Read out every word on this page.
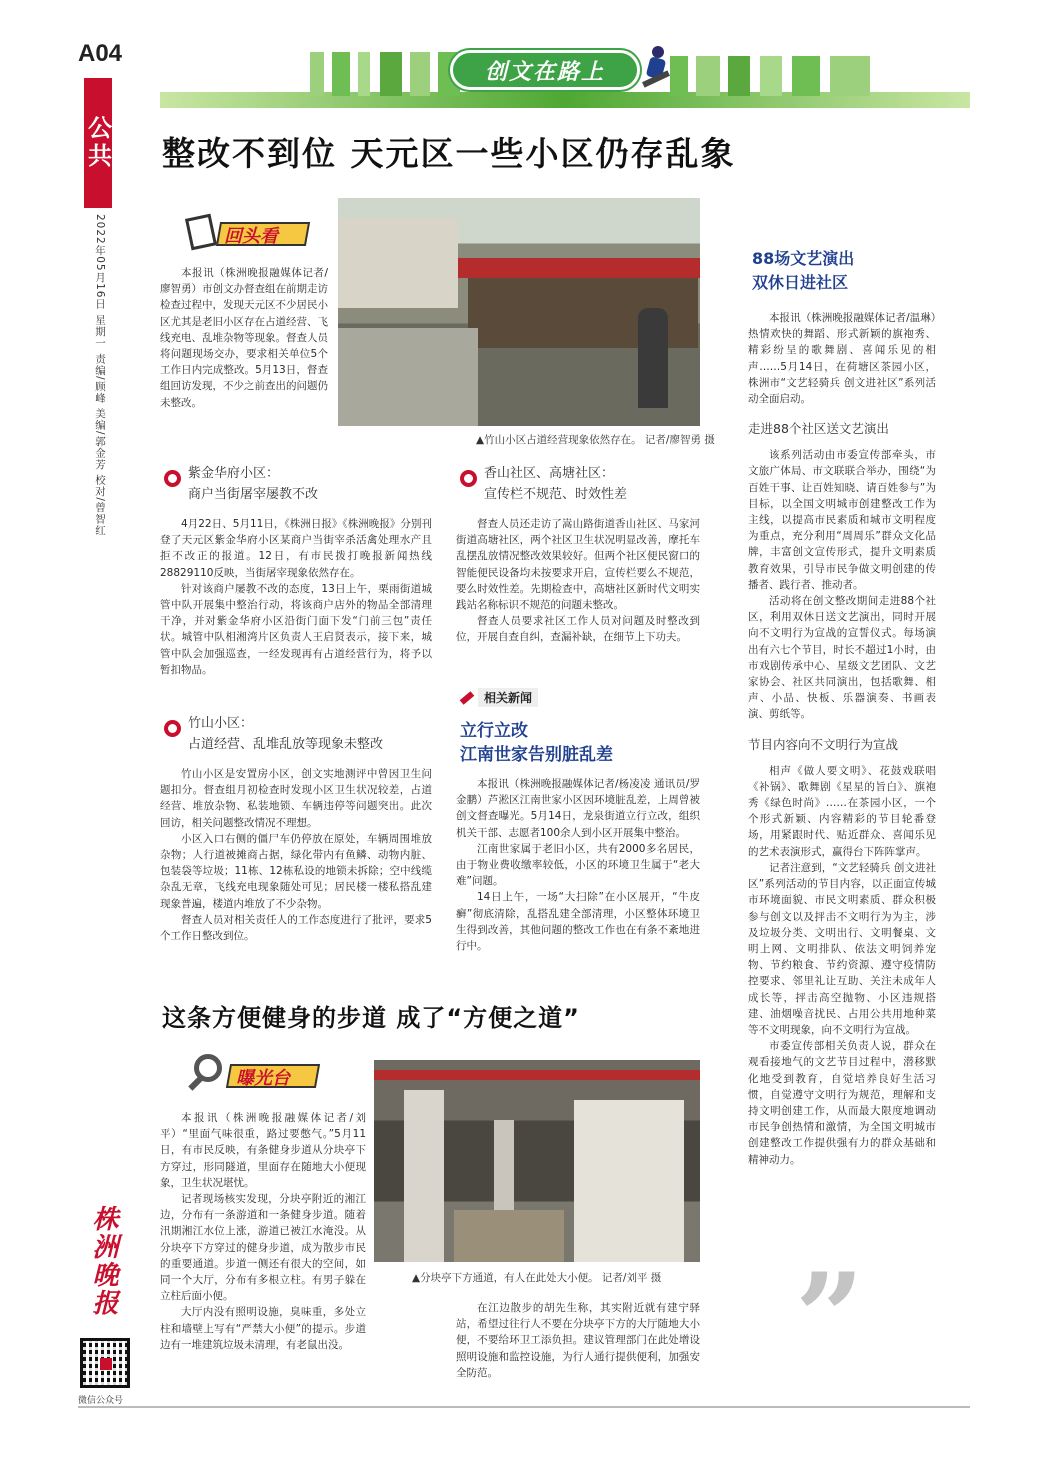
A04
公共
2022年05月16日 星期一 责编/顾峰 美编/郭金芳 校对/曾智红
株洲晚报
微信公众号
创文在路上
整改不到位 天元区一些小区仍存乱象
回头看
本报讯（株洲晚报融媒体记者/廖智勇）市创文办督查组在前期走访检查过程中，发现天元区不少居民小区尤其是老旧小区存在占道经营、飞线充电、乱堆杂物等现象。督查人员将问题现场交办，要求相关单位5个工作日内完成整改。5月13日，督查组回访发现，不少之前查出的问题仍未整改。
▲竹山小区占道经营现象依然存在。 记者/廖智勇 摄
紫金华府小区：
商户当街屠宰屡教不改
4月22日、5月11日，《株洲日报》《株洲晚报》分别刊登了天元区紫金华府小区某商户当街宰杀活禽处理水产且拒不改正的报道。12日，有市民拨打晚报新闻热线28829110反映，当街屠宰现象依然存在。
针对该商户屡教不改的态度，13日上午，栗雨街道城管中队开展集中整治行动，将该商户店外的物品全部清理干净，并对紫金华府小区沿街门面下发“门前三包”责任状。城管中队相湘湾片区负责人王启贤表示，接下来，城管中队会加强巡查，一经发现再有占道经营行为，将予以暂扣物品。
竹山小区：
占道经营、乱堆乱放等现象未整改
竹山小区是安置房小区，创文实地测评中曾因卫生问题扣分。督查组月初检查时发现小区卫生状况较差，占道经营、堆放杂物、私装地锁、车辆违停等问题突出。此次回访，相关问题整改情况不理想。
小区入口右侧的僵尸车仍停放在原处，车辆周围堆放杂物；人行道被摊商占据，绿化带内有鱼鳞、动物内脏、包装袋等垃圾；11栋、12栋私设的地锁未拆除；空中线缆杂乱无章，飞线充电现象随处可见；居民楼一楼私搭乱建现象普遍，楼道内堆放了不少杂物。
督查人员对相关责任人的工作态度进行了批评，要求5个工作日整改到位。
香山社区、高塘社区：
宣传栏不规范、时效性差
督查人员还走访了嵩山路街道香山社区、马家河街道高塘社区，两个社区卫生状况明显改善，摩托车乱摆乱放情况整改效果较好。但两个社区便民窗口的智能便民设备均未按要求开启，宣传栏要么不规范，要么时效性差。先期检查中，高塘社区新时代文明实践站名称标识不规范的问题未整改。
督查人员要求社区工作人员对问题及时整改到位，开展自查自纠，查漏补缺，在细节上下功夫。
相关新闻
立行立改
江南世家告别脏乱差
本报讯（株洲晚报融媒体记者/杨凌凌 通讯员/罗金鹏）芦淞区江南世家小区因环境脏乱差，上周曾被创文督查曝光。5月14日，龙泉街道立行立改，组织机关干部、志愿者100余人到小区开展集中整治。
江南世家属于老旧小区，共有2000多名居民，由于物业费收缴率较低，小区的环境卫生属于“老大难”问题。
14日上午，一场“大扫除”在小区展开，“牛皮癣”彻底清除，乱搭乱建全部清理，小区整体环境卫生得到改善，其他问题的整改工作也在有条不紊地进行中。
88场文艺演出
双休日进社区
本报讯（株洲晚报融媒体记者/温琳）热情欢快的舞蹈、形式新颖的旗袍秀、精彩纷呈的歌舞剧、喜闻乐见的相声……5月14日，在荷塘区茶园小区，株洲市“文艺轻骑兵 创文进社区”系列活动全面启动。
走进88个社区送文艺演出
该系列活动由市委宣传部牵头，市文旅广体局、市文联联合举办，围绕“为百姓干事、让百姓知晓、请百姓参与”为目标，以全国文明城市创建整改工作为主线，以提高市民素质和城市文明程度为重点，充分利用“周周乐”群众文化品牌，丰富创文宣传形式，提升文明素质教育效果，引导市民争做文明创建的传播者、践行者、推动者。
活动将在创文整改期间走进88个社区，利用双休日送文艺演出，同时开展向不文明行为宣战的宣誓仪式。每场演出有六七个节目，时长不超过1小时，由市戏剧传承中心、星级文艺团队、文艺家协会、社区共同演出，包括歌舞、相声、小品、快板、乐器演奏、书画表演、剪纸等。
节目内容向不文明行为宣战
相声《做人要文明》、花鼓戏联唱《补锅》、歌舞剧《星星的旨白》、旗袍秀《绿色时尚》……在茶园小区，一个个形式新颖、内容精彩的节目轮番登场，用紧跟时代、贴近群众、喜闻乐见的艺术表演形式，赢得台下阵阵掌声。
记者注意到，“文艺轻骑兵 创文进社区”系列活动的节目内容，以正面宣传城市环境面貌、市民文明素质、群众积极参与创文以及抨击不文明行为为主，涉及垃圾分类、文明出行、文明餐桌、文明上网、文明排队、依法文明饲养宠物、节约粮食、节约资源、遵守疫情防控要求、邻里礼让互助、关注未成年人成长等，抨击高空抛物、小区违规搭建、油烟噪音扰民、占用公共用地种菜等不文明现象，向不文明行为宣战。
市委宣传部相关负责人说，群众在观看接地气的文艺节目过程中，潜移默化地受到教育，自觉培养良好生活习惯，自觉遵守文明行为规范，理解和支持文明创建工作，从而最大限度地调动市民争创热情和激情，为全国文明城市创建整改工作提供强有力的群众基础和精神动力。
”
这条方便健身的步道 成了“方便之道”
曝光台
本报讯（株洲晚报融媒体记者/刘平）“里面气味很重，路过要憋气。”5月11日，有市民反映，有条健身步道从分块亭下方穿过，形同隧道，里面存在随地大小便现象，卫生状况堪忧。
记者现场核实发现，分块亭附近的湘江边，分布有一条游道和一条健身步道。随着汛期湘江水位上涨，游道已被江水淹没。从分块亭下方穿过的健身步道，成为散步市民的重要通道。步道一侧还有很大的空间，如同一个大厅，分布有多根立柱。有男子躲在立柱后面小便。
大厅内没有照明设施，臭味重，多处立柱和墙壁上写有“严禁大小便”的提示。步道边有一堆建筑垃圾未清理，有老鼠出没。
▲分块亭下方通道，有人在此处大小便。 记者/刘平 摄
在江边散步的胡先生称，其实附近就有建宁驿站，希望过往行人不要在分块亭下方的大厅随地大小便，不要给环卫工添负担。建议管理部门在此处增设照明设施和监控设施，为行人通行提供便利，加强安全防范。
